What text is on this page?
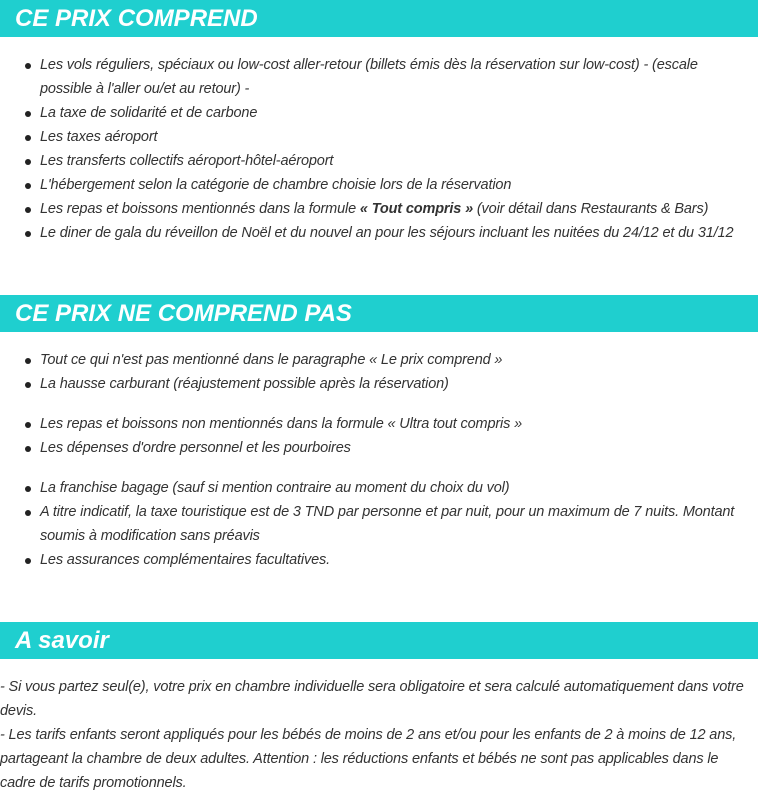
CE PRIX COMPREND
Les vols réguliers, spéciaux ou low-cost aller-retour (billets émis dès la réservation sur low-cost) - (escale possible à l'aller ou/et au retour) -
La taxe de solidarité et de carbone
Les taxes aéroport
Les transferts collectifs aéroport-hôtel-aéroport
L'hébergement selon la catégorie de chambre choisie lors de la réservation
Les repas et boissons mentionnés dans la formule « Tout compris » (voir détail dans Restaurants & Bars)
Le diner de gala du réveillon de Noël et du nouvel an pour les séjours incluant les nuitées du 24/12 et du 31/12
CE PRIX NE COMPREND PAS
Tout ce qui n'est pas mentionné dans le paragraphe « Le prix comprend »
La hausse carburant (réajustement possible après la réservation)
Les repas et boissons non mentionnés dans la formule « Ultra tout compris »
Les dépenses d'ordre personnel et les pourboires
La franchise bagage (sauf si mention contraire au moment du choix du vol)
A titre indicatif, la taxe touristique est de 3 TND par personne et par nuit, pour un maximum de 7 nuits. Montant soumis à modification sans préavis
Les assurances complémentaires facultatives.
A savoir

- Si vous partez seul(e), votre prix en chambre individuelle sera obligatoire et sera calculé automatiquement dans votre devis.

- Les tarifs enfants seront appliqués pour les bébés de moins de 2 ans et/ou pour les enfants de 2 à moins de 12 ans, partageant la chambre de deux adultes. Attention : les réductions enfants et bébés ne sont pas applicables dans le cadre de tarifs promotionnels.
